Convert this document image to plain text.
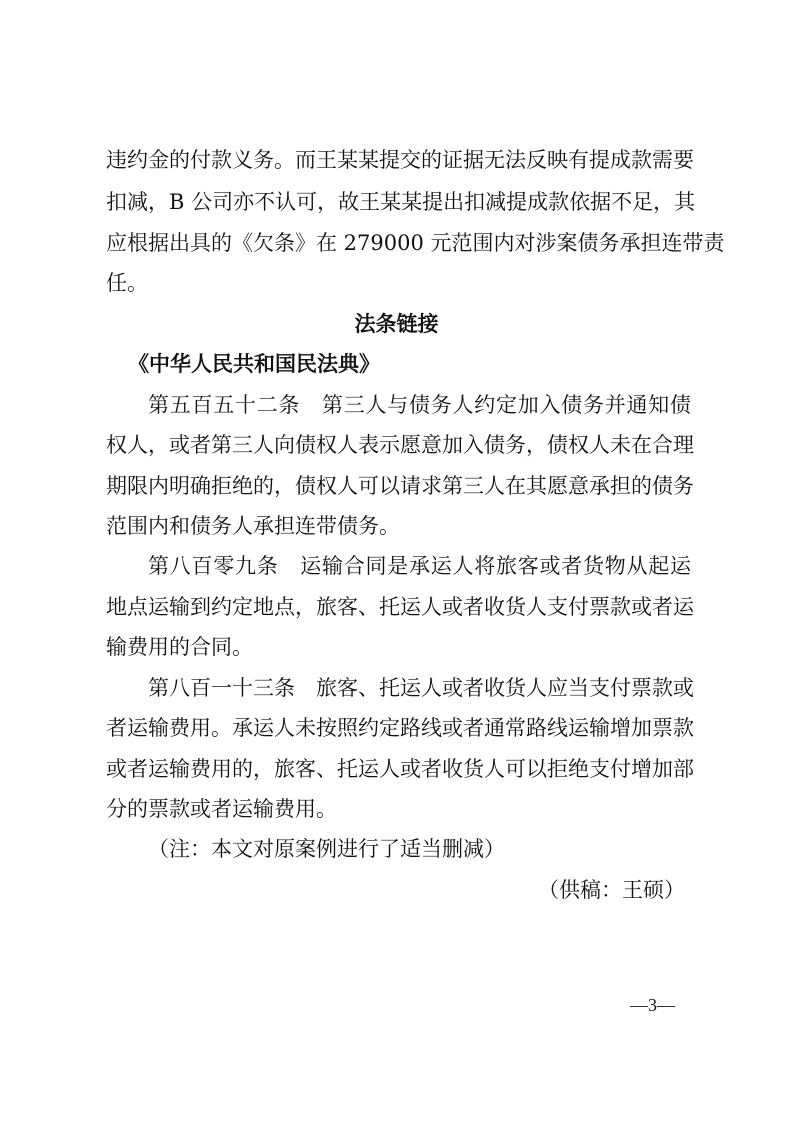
违约金的付款义务。而王某某提交的证据无法反映有提成款需要
扣减，B 公司亦不认可，故王某某提出扣减提成款依据不足，其
应根据出具的《欠条》在 279000 元范围内对涉案债务承担连带责
任。
法条链接
《中华人民共和国民法典》
第五百五十二条　第三人与债务人约定加入债务并通知债
权人，或者第三人向债权人表示愿意加入债务，债权人未在合理
期限内明确拒绝的，债权人可以请求第三人在其愿意承担的债务
范围内和债务人承担连带债务。
第八百零九条　运输合同是承运人将旅客或者货物从起运
地点运输到约定地点，旅客、托运人或者收货人支付票款或者运
输费用的合同。
第八百一十三条　旅客、托运人或者收货人应当支付票款或
者运输费用。承运人未按照约定路线或者通常路线运输增加票款
或者运输费用的，旅客、托运人或者收货人可以拒绝支付增加部
分的票款或者运输费用。
（注：本文对原案例进行了适当删减）
（供稿：王硕）
—3—
